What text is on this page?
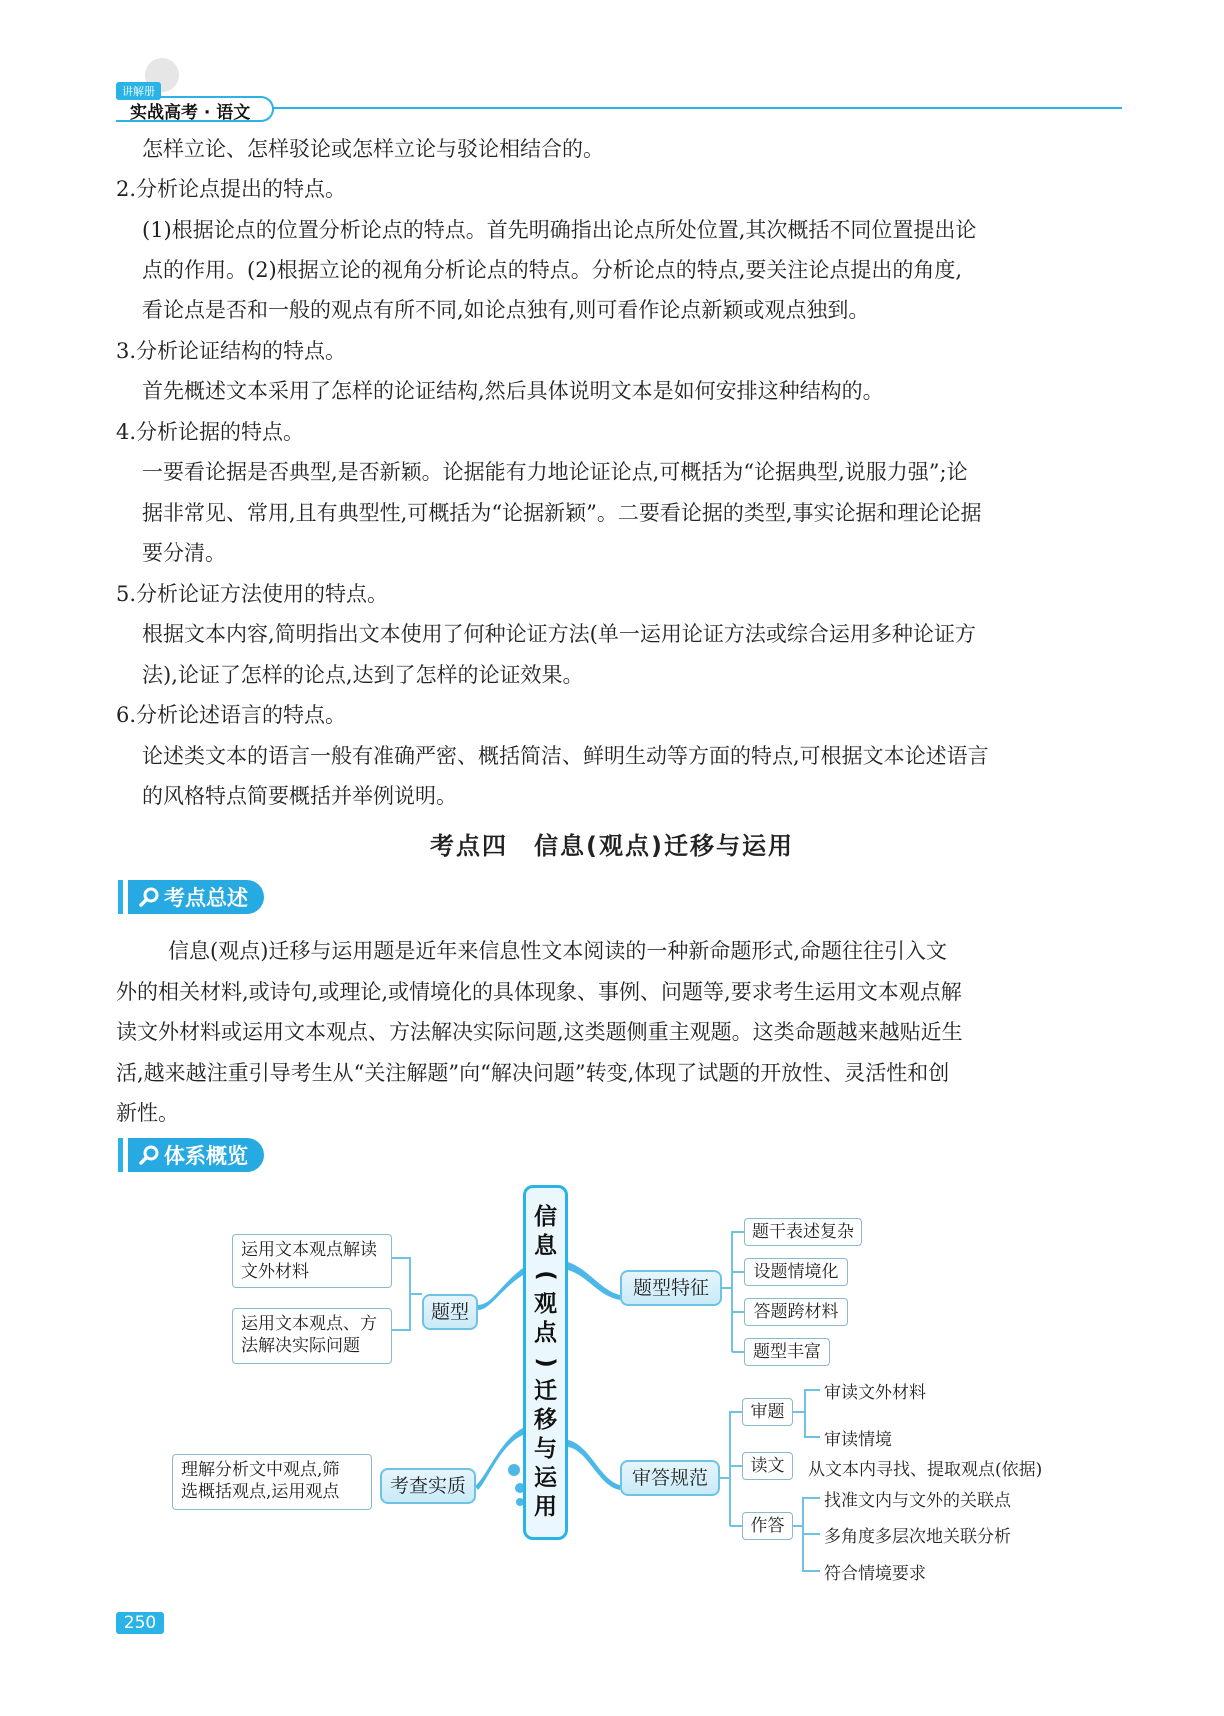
讲解册
实战高考 · 语文
怎样立论、怎样驳论或怎样立论与驳论相结合的。
2.分析论点提出的特点。
(1)根据论点的位置分析论点的特点。首先明确指出论点所处位置,其次概括不同位置提出论
点的作用。(2)根据立论的视角分析论点的特点。分析论点的特点,要关注论点提出的角度,
看论点是否和一般的观点有所不同,如论点独有,则可看作论点新颖或观点独到。
3.分析论证结构的特点。
首先概述文本采用了怎样的论证结构,然后具体说明文本是如何安排这种结构的。
4.分析论据的特点。
一要看论据是否典型,是否新颖。论据能有力地论证论点,可概括为“论据典型,说服力强”;论
据非常见、常用,且有典型性,可概括为“论据新颖”。二要看论据的类型,事实论据和理论论据
要分清。
5.分析论证方法使用的特点。
根据文本内容,简明指出文本使用了何种论证方法(单一运用论证方法或综合运用多种论证方
法),论证了怎样的论点,达到了怎样的论证效果。
6.分析论述语言的特点。
论述类文本的语言一般有准确严密、概括简洁、鲜明生动等方面的特点,可根据文本论述语言
的风格特点简要概括并举例说明。
考点四　信息(观点)迁移与运用
考点总述
信息(观点)迁移与运用题是近年来信息性文本阅读的一种新命题形式,命题往往引入文
外的相关材料,或诗句,或理论,或情境化的具体现象、事例、问题等,要求考生运用文本观点解
读文外材料或运用文本观点、方法解决实际问题,这类题侧重主观题。这类命题越来越贴近生
活,越来越注重引导考生从“关注解题”向“解决问题”转变,体现了试题的开放性、灵活性和创
新性。
体系概览
运用文本观点解读
文外材料
运用文本观点、方
法解决实际问题
题型
理解分析文中观点,筛
选概括观点,运用观点	考查实质
信
息
(
观
点
)
迁
移
与
运
用
题型特征
题干表述复杂
设题情境化
答题跨材料
题型丰富
审答规范
审题
审读文外材料
审读情境
读文	从文本内寻找、提取观点(依据)
作答
找准文内与文外的关联点
多角度多层次地关联分析
符合情境要求
250
